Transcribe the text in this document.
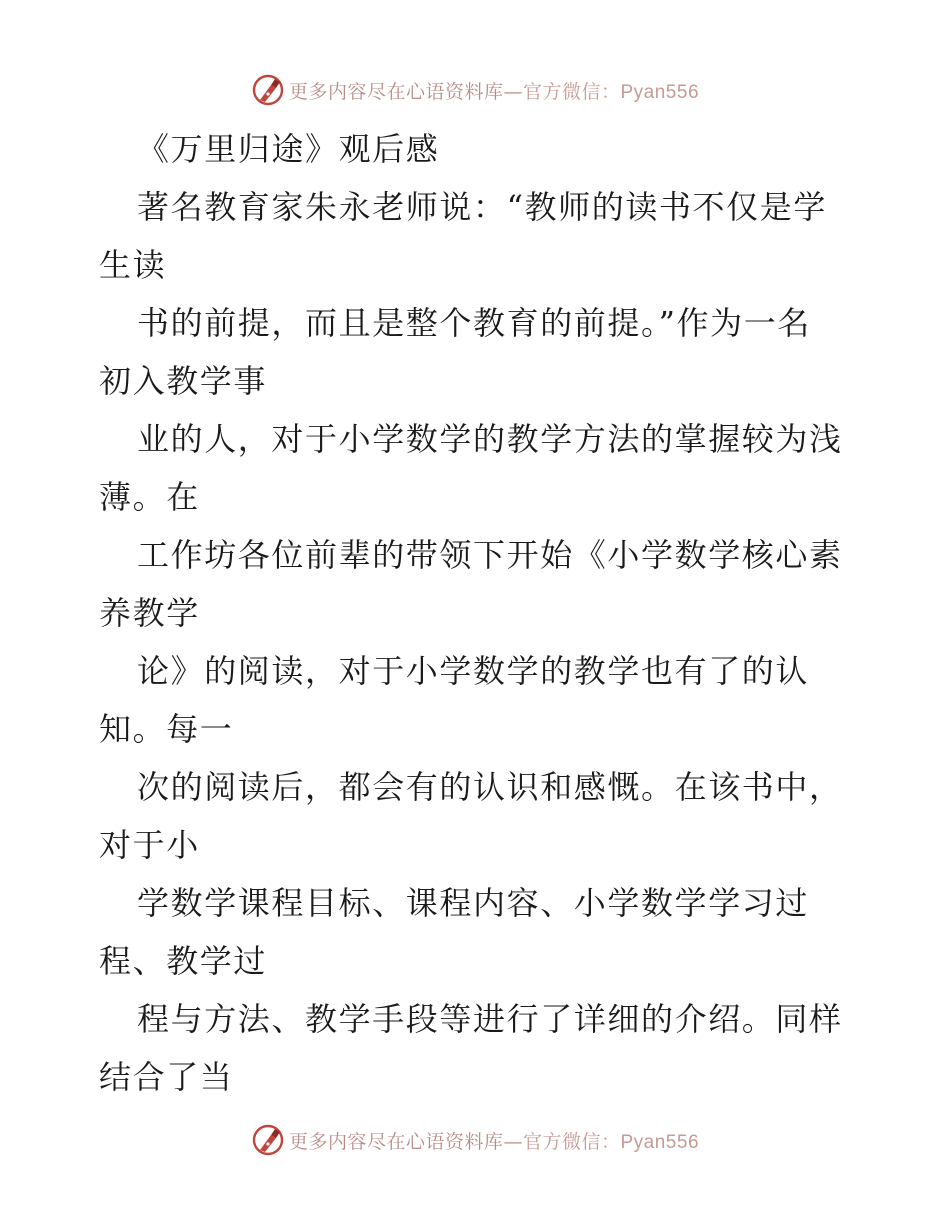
更多内容尽在心语资料库—官方微信：Pyan556
《万里归途》观后感
著名教育家朱永老师说：“教师的读书不仅是学
生读
书的前提，而且是整个教育的前提。”作为一名
初入教学事
业的人，对于小学数学的教学方法的掌握较为浅
薄。在
工作坊各位前辈的带领下开始《小学数学核心素
养教学
论》的阅读，对于小学数学的教学也有了的认
知。每一
次的阅读后，都会有的认识和感慨。在该书中，
对于小
学数学课程目标、课程内容、小学数学学习过
程、教学过
程与方法、教学手段等进行了详细的介绍。同样
结合了当
更多内容尽在心语资料库—官方微信：Pyan556
